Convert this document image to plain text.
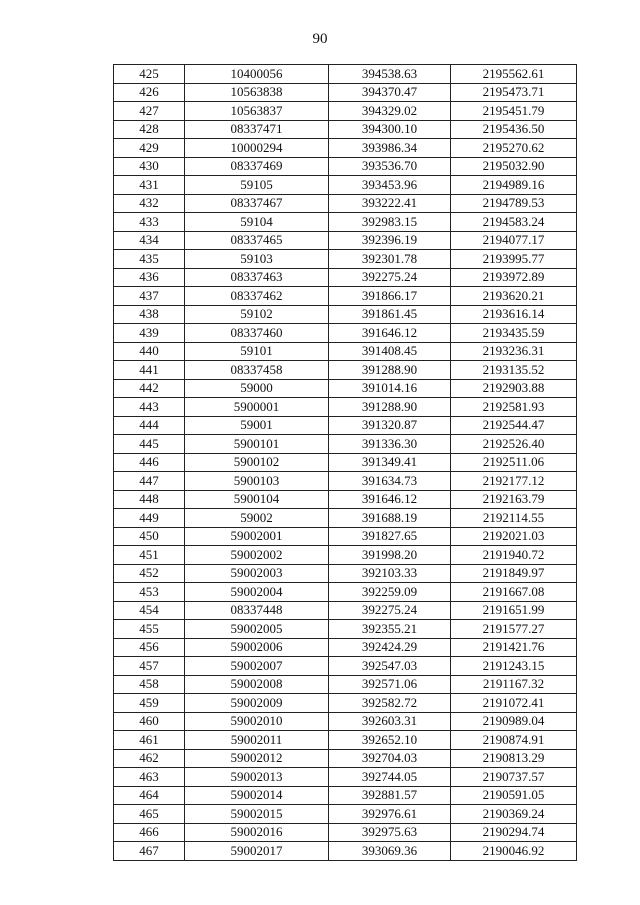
90
425	10400056	394538.63	2195562.61
426	10563838	394370.47	2195473.71
427	10563837	394329.02	2195451.79
428	08337471	394300.10	2195436.50
429	10000294	393986.34	2195270.62
430	08337469	393536.70	2195032.90
431	59105	393453.96	2194989.16
432	08337467	393222.41	2194789.53
433	59104	392983.15	2194583.24
434	08337465	392396.19	2194077.17
435	59103	392301.78	2193995.77
436	08337463	392275.24	2193972.89
437	08337462	391866.17	2193620.21
438	59102	391861.45	2193616.14
439	08337460	391646.12	2193435.59
440	59101	391408.45	2193236.31
441	08337458	391288.90	2193135.52
442	59000	391014.16	2192903.88
443	5900001	391288.90	2192581.93
444	59001	391320.87	2192544.47
445	5900101	391336.30	2192526.40
446	5900102	391349.41	2192511.06
447	5900103	391634.73	2192177.12
448	5900104	391646.12	2192163.79
449	59002	391688.19	2192114.55
450	59002001	391827.65	2192021.03
451	59002002	391998.20	2191940.72
452	59002003	392103.33	2191849.97
453	59002004	392259.09	2191667.08
454	08337448	392275.24	2191651.99
455	59002005	392355.21	2191577.27
456	59002006	392424.29	2191421.76
457	59002007	392547.03	2191243.15
458	59002008	392571.06	2191167.32
459	59002009	392582.72	2191072.41
460	59002010	392603.31	2190989.04
461	59002011	392652.10	2190874.91
462	59002012	392704.03	2190813.29
463	59002013	392744.05	2190737.57
464	59002014	392881.57	2190591.05
465	59002015	392976.61	2190369.24
466	59002016	392975.63	2190294.74
467	59002017	393069.36	2190046.92
